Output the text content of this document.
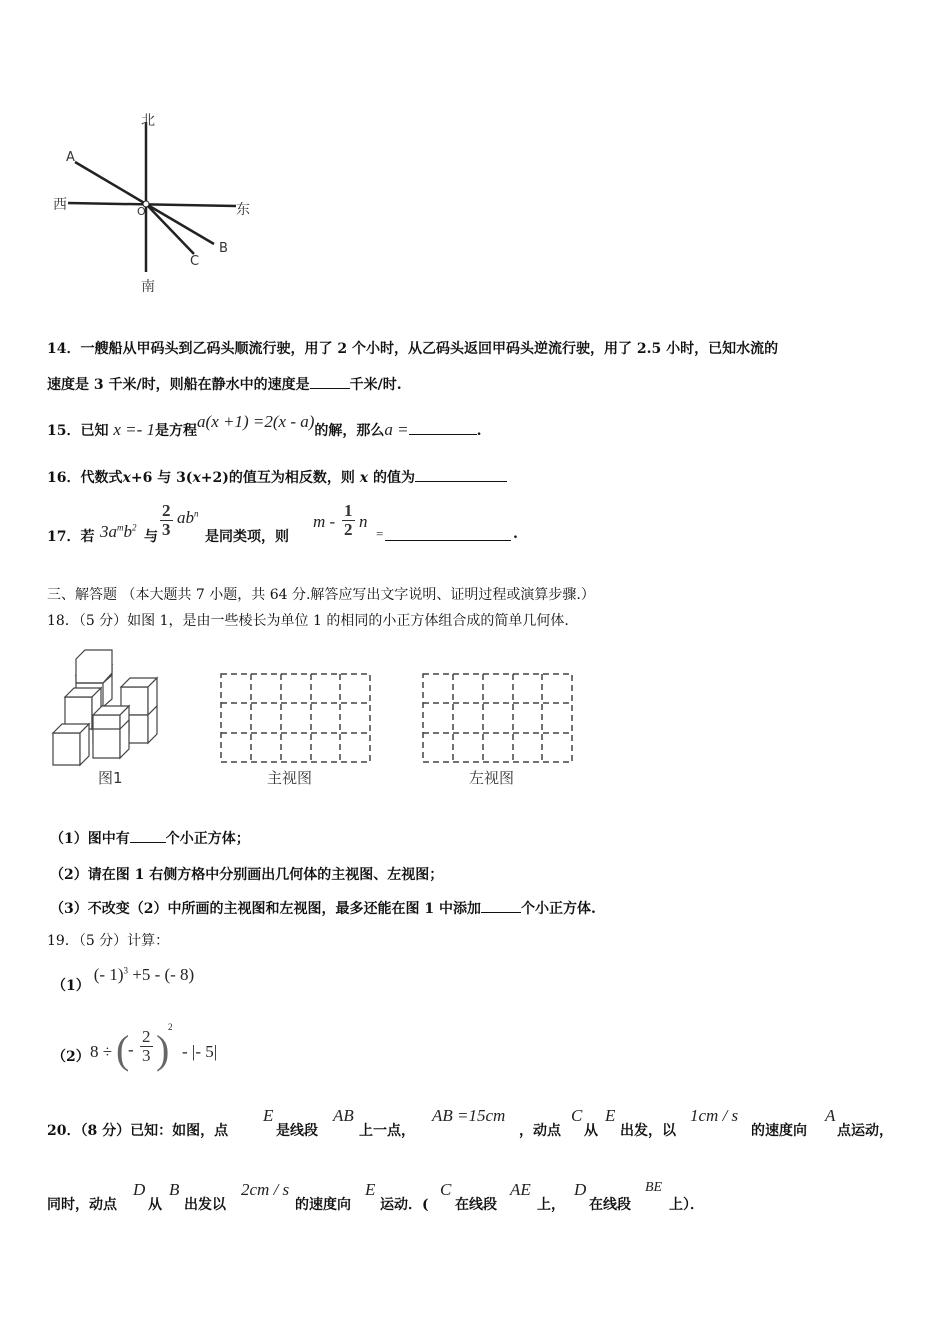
北
南
东
西	O
A
B
C
14．一艘船从甲码头到乙码头顺流行驶，用了 2 个小时，从乙码头返回甲码头逆流行驶，用了 2.5 小时，已知水流的
速度是 3 千米/时，则船在静水中的速度是	千米/时.
15．已知 x =- 1是方程a(x +1) =2(x - a)的解，那么a =	.
16．代数式x+6 与 3(x+2)的值互为相反数，则 x 的值为
17．若 $3a^mb^2$
与 $\frac{2}{3} ab^n$
是同类项，则
m - $\frac{1}{2}$ n
=	.
三、解答题 （本大题共 7 小题，共 64 分.解答应写出文字说明、证明过程或演算步骤.）
18．（5 分）如图 1，是由一些棱长为单位 1 的相同的小正方体组合成的简单几何体.
图1	主视图	左视图
（1）图中有	个小正方体；
（2）请在图 1 右侧方格中分别画出几何体的主视图、左视图；
（3）不改变（2）中所画的主视图和左视图，最多还能在图 1 中添加	个小正方体.
19．（5 分）计算：
（1） (- 1)$^3$ +5 - (- 8)
（2） 8 ÷ ( $\frac{2}{3}$
- )
2
- |- 5|
20．（8 分）已知：如图，点
E
是线段
AB
上一点，
AB =15cm
，动点
C
从
E
出发，以
1cm / s
的速度向
A
点运动，
同时，动点
D
从
B
出发以
2cm / s
的速度向
E
运动．(
C
在线段
AE
上，
D
在线段
BE
上）．
